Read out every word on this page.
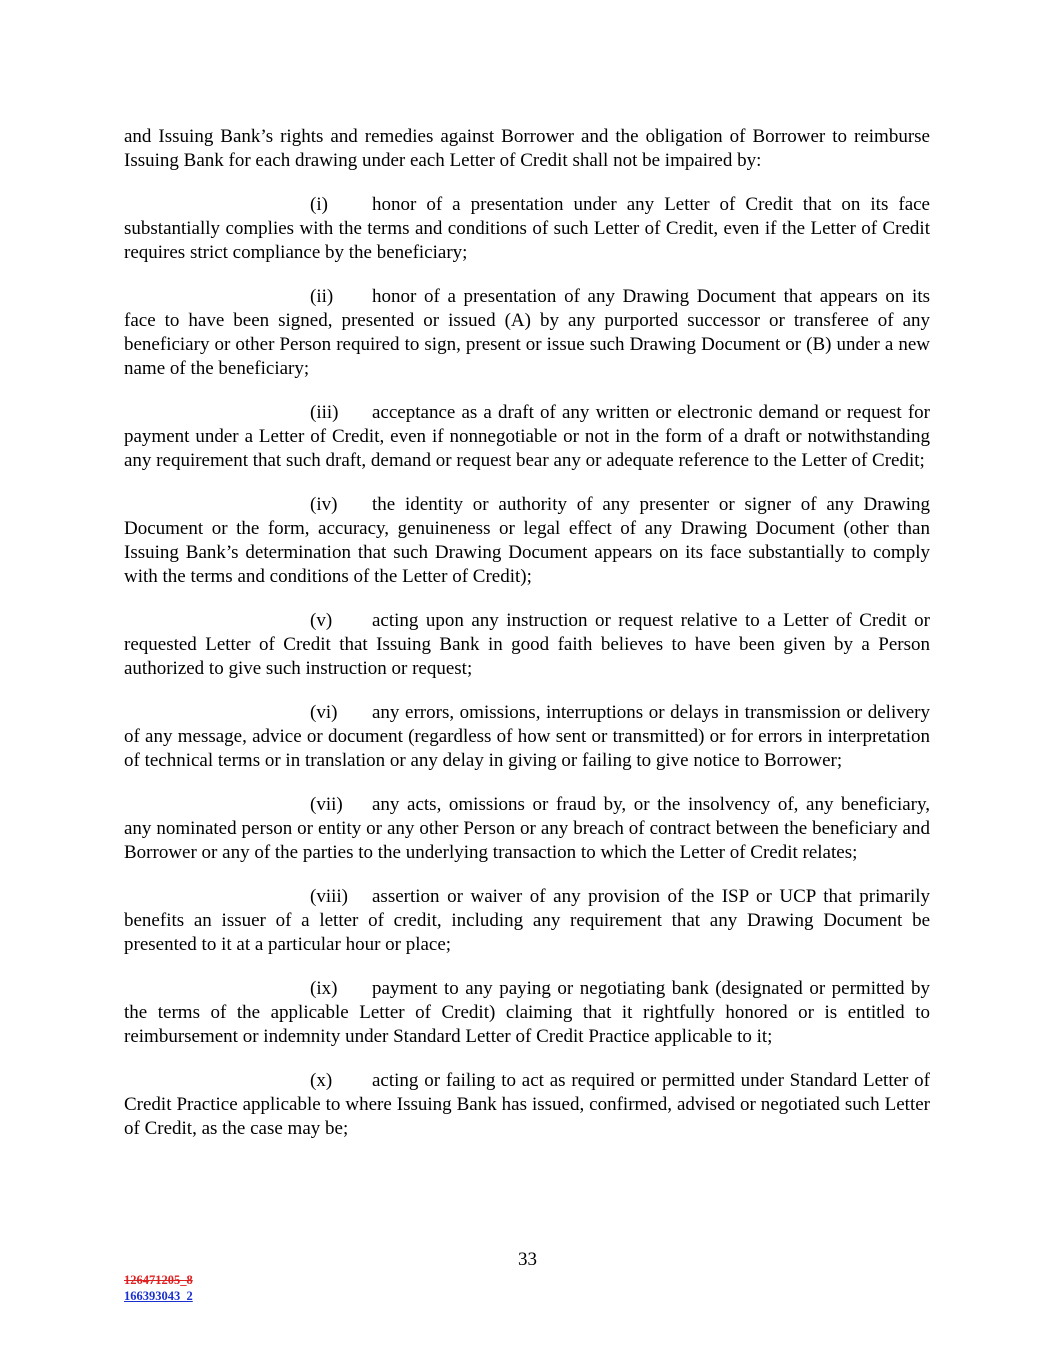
and Issuing Bank’s rights and remedies against Borrower and the obligation of Borrower to reimburse Issuing Bank for each drawing under each Letter of Credit shall not be impaired by:

(i) honor of a presentation under any Letter of Credit that on its face substantially complies with the terms and conditions of such Letter of Credit, even if the Letter of Credit requires strict compliance by the beneficiary;

(ii) honor of a presentation of any Drawing Document that appears on its face to have been signed, presented or issued (A) by any purported successor or transferee of any beneficiary or other Person required to sign, present or issue such Drawing Document or (B) under a new name of the beneficiary;

(iii) acceptance as a draft of any written or electronic demand or request for payment under a Letter of Credit, even if nonnegotiable or not in the form of a draft or notwithstanding any requirement that such draft, demand or request bear any or adequate reference to the Letter of Credit;

(iv) the identity or authority of any presenter or signer of any Drawing Document or the form, accuracy, genuineness or legal effect of any Drawing Document (other than Issuing Bank’s determination that such Drawing Document appears on its face substantially to comply with the terms and conditions of the Letter of Credit);

(v) acting upon any instruction or request relative to a Letter of Credit or requested Letter of Credit that Issuing Bank in good faith believes to have been given by a Person authorized to give such instruction or request;

(vi) any errors, omissions, interruptions or delays in transmission or delivery of any message, advice or document (regardless of how sent or transmitted) or for errors in interpretation of technical terms or in translation or any delay in giving or failing to give notice to Borrower;

(vii) any acts, omissions or fraud by, or the insolvency of, any beneficiary, any nominated person or entity or any other Person or any breach of contract between the beneficiary and Borrower or any of the parties to the underlying transaction to which the Letter of Credit relates;

(viii) assertion or waiver of any provision of the ISP or UCP that primarily benefits an issuer of a letter of credit, including any requirement that any Drawing Document be presented to it at a particular hour or place;

(ix) payment to any paying or negotiating bank (designated or permitted by the terms of the applicable Letter of Credit) claiming that it rightfully honored or is entitled to reimbursement or indemnity under Standard Letter of Credit Practice applicable to it;

(x) acting or failing to act as required or permitted under Standard Letter of Credit Practice applicable to where Issuing Bank has issued, confirmed, advised or negotiated such Letter of Credit, as the case may be;

33
126471205_8
166393043_2
